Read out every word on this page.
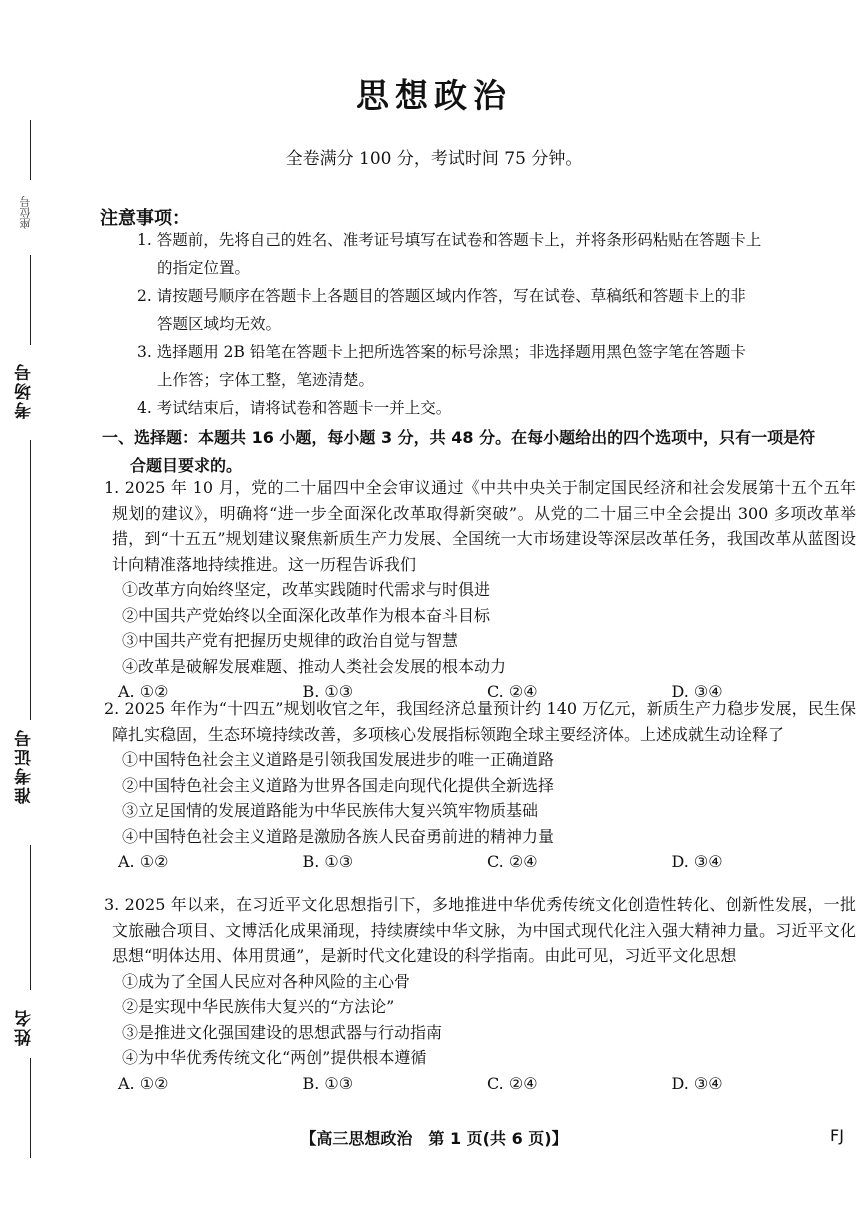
座位号
考场号
准考证号
姓名
思想政治
全卷满分 100 分，考试时间 75 分钟。
注意事项：
1. 答题前，先将自己的姓名、准考证号填写在试卷和答题卡上，并将条形码粘贴在答题卡上
的指定位置。
2. 请按题号顺序在答题卡上各题目的答题区域内作答，写在试卷、草稿纸和答题卡上的非
答题区域均无效。
3. 选择题用 2B 铅笔在答题卡上把所选答案的标号涂黑；非选择题用黑色签字笔在答题卡
上作答；字体工整，笔迹清楚。
4. 考试结束后，请将试卷和答题卡一并上交。
一、选择题：本题共 16 小题，每小题 3 分，共 48 分。在每小题给出的四个选项中，只有一项是符
合题目要求的。
1. 2025 年 10 月，党的二十届四中全会审议通过《中共中央关于制定国民经济和社会发展第十五个五年规划的建议》，明确将“进一步全面深化改革取得新突破”。从党的二十届三中全会提出 300 多项改革举措，到“十五五”规划建议聚焦新质生产力发展、全国统一大市场建设等深层改革任务，我国改革从蓝图设计向精准落地持续推进。这一历程告诉我们
①改革方向始终坚定，改革实践随时代需求与时俱进
②中国共产党始终以全面深化改革作为根本奋斗目标
③中国共产党有把握历史规律的政治自觉与智慧
④改革是破解发展难题、推动人类社会发展的根本动力
A. ①②	B. ①③	C. ②④	D. ③④
2. 2025 年作为“十四五”规划收官之年，我国经济总量预计约 140 万亿元，新质生产力稳步发展，民生保障扎实稳固，生态环境持续改善，多项核心发展指标领跑全球主要经济体。上述成就生动诠释了
①中国特色社会主义道路是引领我国发展进步的唯一正确道路
②中国特色社会主义道路为世界各国走向现代化提供全新选择
③立足国情的发展道路能为中华民族伟大复兴筑牢物质基础
④中国特色社会主义道路是激励各族人民奋勇前进的精神力量
A. ①②	B. ①③	C. ②④	D. ③④
3. 2025 年以来，在习近平文化思想指引下，多地推进中华优秀传统文化创造性转化、创新性发展，一批文旅融合项目、文博活化成果涌现，持续赓续中华文脉，为中国式现代化注入强大精神力量。习近平文化思想“明体达用、体用贯通”，是新时代文化建设的科学指南。由此可见，习近平文化思想
①成为了全国人民应对各种风险的主心骨
②是实现中华民族伟大复兴的“方法论”
③是推进文化强国建设的思想武器与行动指南
④为中华优秀传统文化“两创”提供根本遵循
A. ①②	B. ①③	C. ②④	D. ③④
【高三思想政治　第 1 页(共 6 页)】	FJ
